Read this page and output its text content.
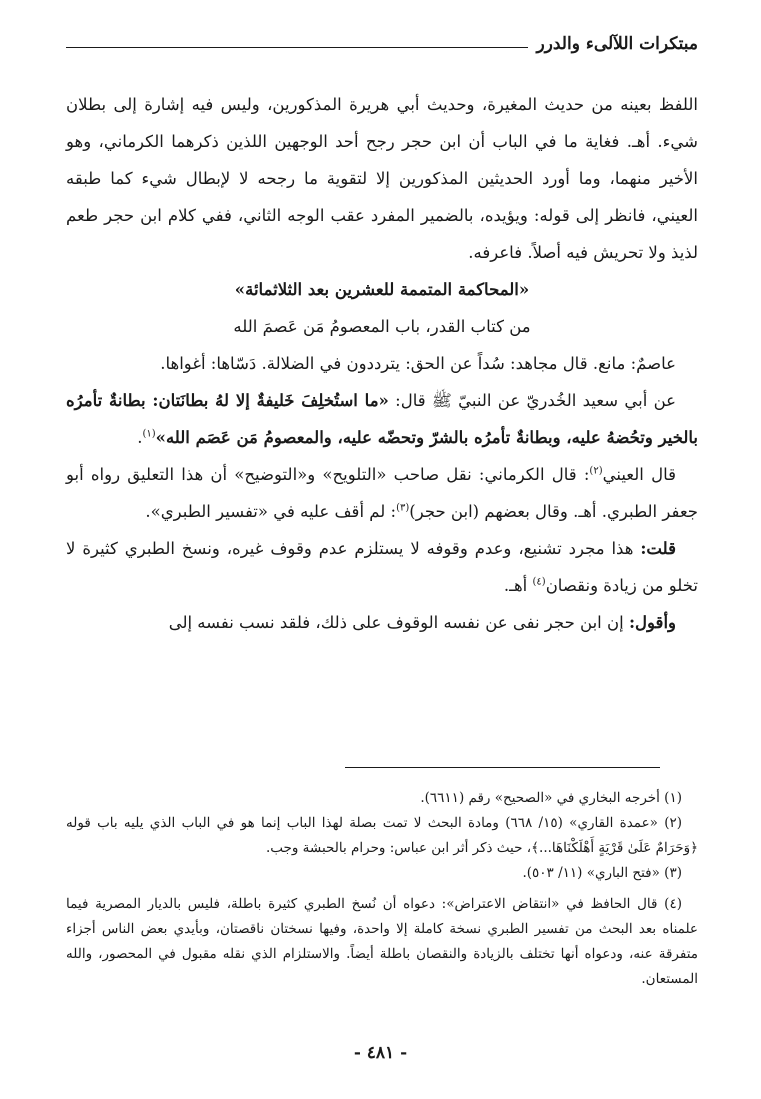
مبتكرات اللآلىء والدرر

اللفظ بعينه من حديث المغيرة، وحديث أبي هريرة المذكورين، وليس فيه إشارة إلى بطلان شيء. أهـ. فغاية ما في الباب أن ابن حجر رجح أحد الوجهين اللذين ذكرهما الكرماني، وهو الأخير منهما، وما أورد الحديثين المذكورين إلا لتقوية ما رجحه لا لإبطال شيء كما طبقه العيني، فانظر إلى قوله: ويؤيده، بالضمير المفرد عقب الوجه الثاني، ففي كلام ابن حجر طعم لذيذ ولا تحريش فيه أصلاً. فاعرفه.

«المحاكمة المتممة للعشرين بعد الثلاثمائة»

من كتاب القدر، باب المعصومُ مَن عَصمَ الله

عاصمٌ: مانع. قال مجاهد: سُداً عن الحق: يترددون في الضلالة. دَسّاها: أغواها.

عن أبي سعيد الخُدريّ عن النبيّ ﷺ قال: «ما استُخلِفَ خَليفةٌ إلا لهُ بطانَتان: بطانةٌ تأمرُه بالخير وتحُضهُ عليه، وبطانةٌ تأمرُه بالشرّ وتحضّه عليه، والمعصومُ مَن عَصَم الله»$^{(١)}$.

قال العيني$^{(٢)}$: قال الكرماني: نقل صاحب «التلويح» و«التوضيح» أن هذا التعليق رواه أبو جعفر الطبري. أهـ. وقال بعضهم (ابن حجر)$^{(٣)}$: لم أقف عليه في «تفسير الطبري».

قلت: هذا مجرد تشنيع، وعدم وقوفه لا يستلزم عدم وقوف غيره، ونسخ الطبري كثيرة لا تخلو من زيادة ونقصان$^{(٤)}$ أهـ.

وأقول: إن ابن حجر نفى عن نفسه الوقوف على ذلك، فلقد نسب نفسه إلى

(١) أخرجه البخاري في «الصحيح» رقم (٦٦١١).

(٢) «عمدة القاري» (١٥/ ٦٦٨) ومادة البحث لا تمت بصلة لهذا الباب إنما هو في الباب الذي يليه باب قوله ﴿وَحَرَامٌ عَلَىٰ قَرْيَةٍ أَهْلَكْنَاهَا...﴾، حيث ذكر أثر ابن عباس: وحرام بالحبشة وجب.

(٣) «فتح الباري» (١١/ ٥٠٣).

(٤) قال الحافظ في «انتقاض الاعتراض»: دعواه أن نُسخ الطبري كثيرة باطلة، فليس بالديار المصرية فيما علمناه بعد البحث من تفسير الطبري نسخة كاملة إلا واحدة، وفيها نسختان ناقصتان، وبأيدي بعض الناس أجزاء متفرقة عنه، ودعواه أنها تختلف بالزيادة والنقصان باطلة أيضاً. والاستلزام الذي نقله مقبول في المحصور، والله المستعان.

- ٤٨١ -
